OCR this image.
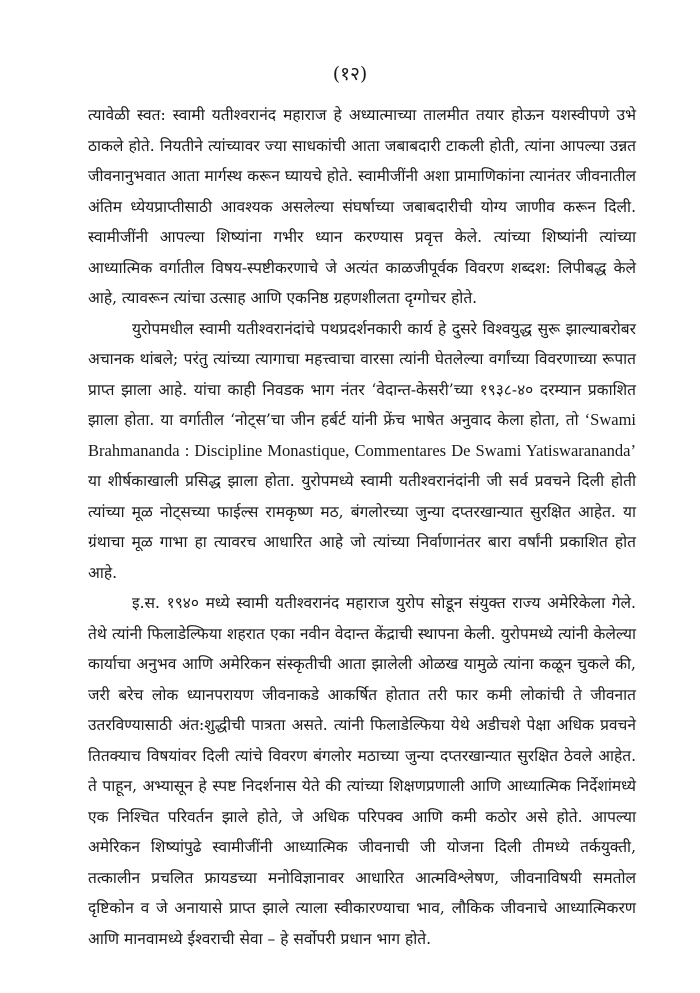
(१२)

त्यावेळी स्वत: स्वामी यतीश्वरानंद महाराज हे अध्यात्माच्या तालमीत तयार होऊन यशस्वीपणे उभे ठाकले होते. नियतीने त्यांच्यावर ज्या साधकांची आता जबाबदारी टाकली होती, त्यांना आपल्या उन्नत जीवनानुभवात आता मार्गस्थ करून घ्यायचे होते. स्वामीजींनी अशा प्रामाणिकांना त्यानंतर जीवनातील अंतिम ध्येयप्राप्तीसाठी आवश्यक असलेल्या संघर्षाच्या जबाबदारीची योग्य जाणीव करून दिली. स्वामीजींनी आपल्या शिष्यांना गभीर ध्यान करण्यास प्रवृत्त केले. त्यांच्या शिष्यांनी त्यांच्या आध्यात्मिक वर्गातील विषय-स्पष्टीकरणाचे जे अत्यंत काळजीपूर्वक विवरण शब्दश: लिपीबद्ध केले आहे, त्यावरून त्यांचा उत्साह आणि एकनिष्ठ ग्रहणशीलता दृग्गोचर होते.

युरोपमधील स्वामी यतीश्वरानंदांचे पथप्रदर्शनकारी कार्य हे दुसरे विश्वयुद्ध सुरू झाल्याबरोबर अचानक थांबले; परंतु त्यांच्या त्यागाचा महत्त्वाचा वारसा त्यांनी घेतलेल्या वर्गांच्या विवरणाच्या रूपात प्राप्त झाला आहे. यांचा काही निवडक भाग नंतर ‘वेदान्त-केसरी’च्या १९३८-४० दरम्यान प्रकाशित झाला होता. या वर्गातील ‘नोट्स’चा जीन हर्बर्ट यांनी फ्रेंच भाषेत अनुवाद केला होता, तो ‘Swami Brahmananda : Discipline Monastique, Commentares De Swami Yatiswarananda’ या शीर्षकाखाली प्रसिद्ध झाला होता. युरोपमध्ये स्वामी यतीश्वरानंदांनी जी सर्व प्रवचने दिली होती त्यांच्या मूळ नोट्सच्या फाईल्स रामकृष्ण मठ, बंगलोरच्या जुन्या दप्तरखान्यात सुरक्षित आहेत. या ग्रंथाचा मूळ गाभा हा त्यावरच आधारित आहे जो त्यांच्या निर्वाणानंतर बारा वर्षांनी प्रकाशित होत आहे.

इ.स. १९४० मध्ये स्वामी यतीश्वरानंद महाराज युरोप सोडून संयुक्त राज्य अमेरिकेला गेले. तेथे त्यांनी फिलाडेल्फिया शहरात एका नवीन वेदान्त केंद्राची स्थापना केली. युरोपमध्ये त्यांनी केलेल्या कार्याचा अनुभव आणि अमेरिकन संस्कृतीची आता झालेली ओळख यामुळे त्यांना कळून चुकले की, जरी बरेच लोक ध्यानपरायण जीवनाकडे आकर्षित होतात तरी फार कमी लोकांची ते जीवनात उतरविण्यासाठी अंत:शुद्धीची पात्रता असते. त्यांनी फिलाडेल्फिया येथे अडीचशे पेक्षा अधिक प्रवचने तितक्याच विषयांवर दिली त्यांचे विवरण बंगलोर मठाच्या जुन्या दप्तरखान्यात सुरक्षित ठेवले आहेत. ते पाहून, अभ्यासून हे स्पष्ट निदर्शनास येते की त्यांच्या शिक्षणप्रणाली आणि आध्यात्मिक निर्देशांमध्ये एक निश्चित परिवर्तन झाले होते, जे अधिक परिपक्व आणि कमी कठोर असे होते. आपल्या अमेरिकन शिष्यांपुढे स्वामीजींनी आध्यात्मिक जीवनाची जी योजना दिली तीमध्ये तर्कयुक्ती, तत्कालीन प्रचलित फ्रायडच्या मनोविज्ञानावर आधारित आत्मविश्लेषण, जीवनाविषयी समतोल दृष्टिकोन व जे अनायासे प्राप्त झाले त्याला स्वीकारण्याचा भाव, लौकिक जीवनाचे आध्यात्मिकरण आणि मानवामध्ये ईश्वराची सेवा – हे सर्वोपरी प्रधान भाग होते.
